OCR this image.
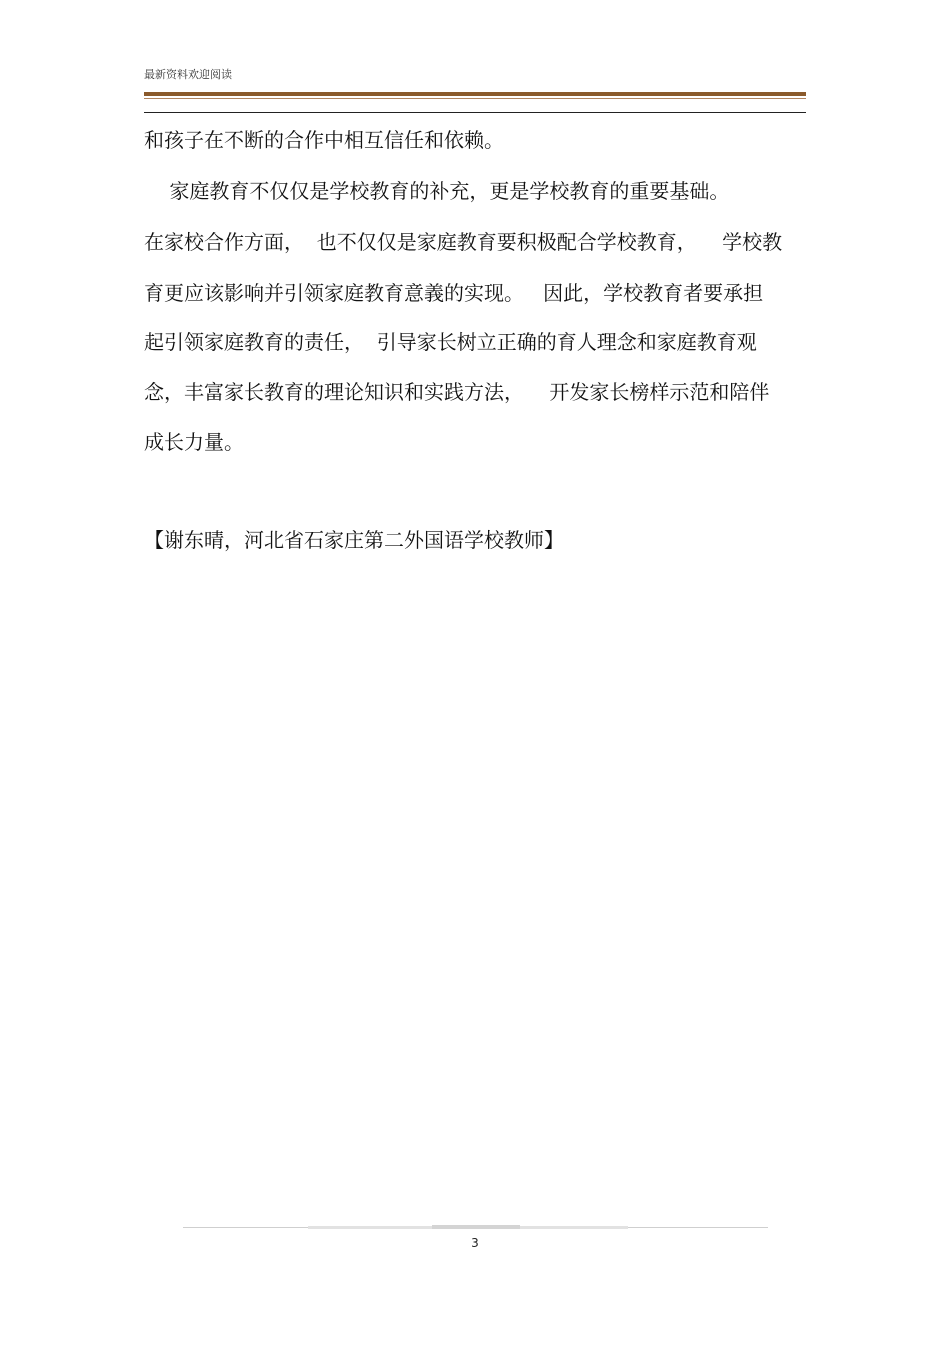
最新资料欢迎阅读
和孩子在不断的合作中相互信任和依赖。
家庭教育不仅仅是学校教育的补充，更是学校教育的重要基础。
在家校合作方面，  也不仅仅是家庭教育要积极配合学校教育，    学校教
育更应该影响并引领家庭教育意義的实现。   因此，学校教育者要承担
起引领家庭教育的责任，  引导家长树立正确的育人理念和家庭教育观
念，丰富家长教育的理论知识和实践方法，    开发家长榜样示范和陪伴
成长力量。
【谢东晴，河北省石家庄第二外国语学校教师】
3
